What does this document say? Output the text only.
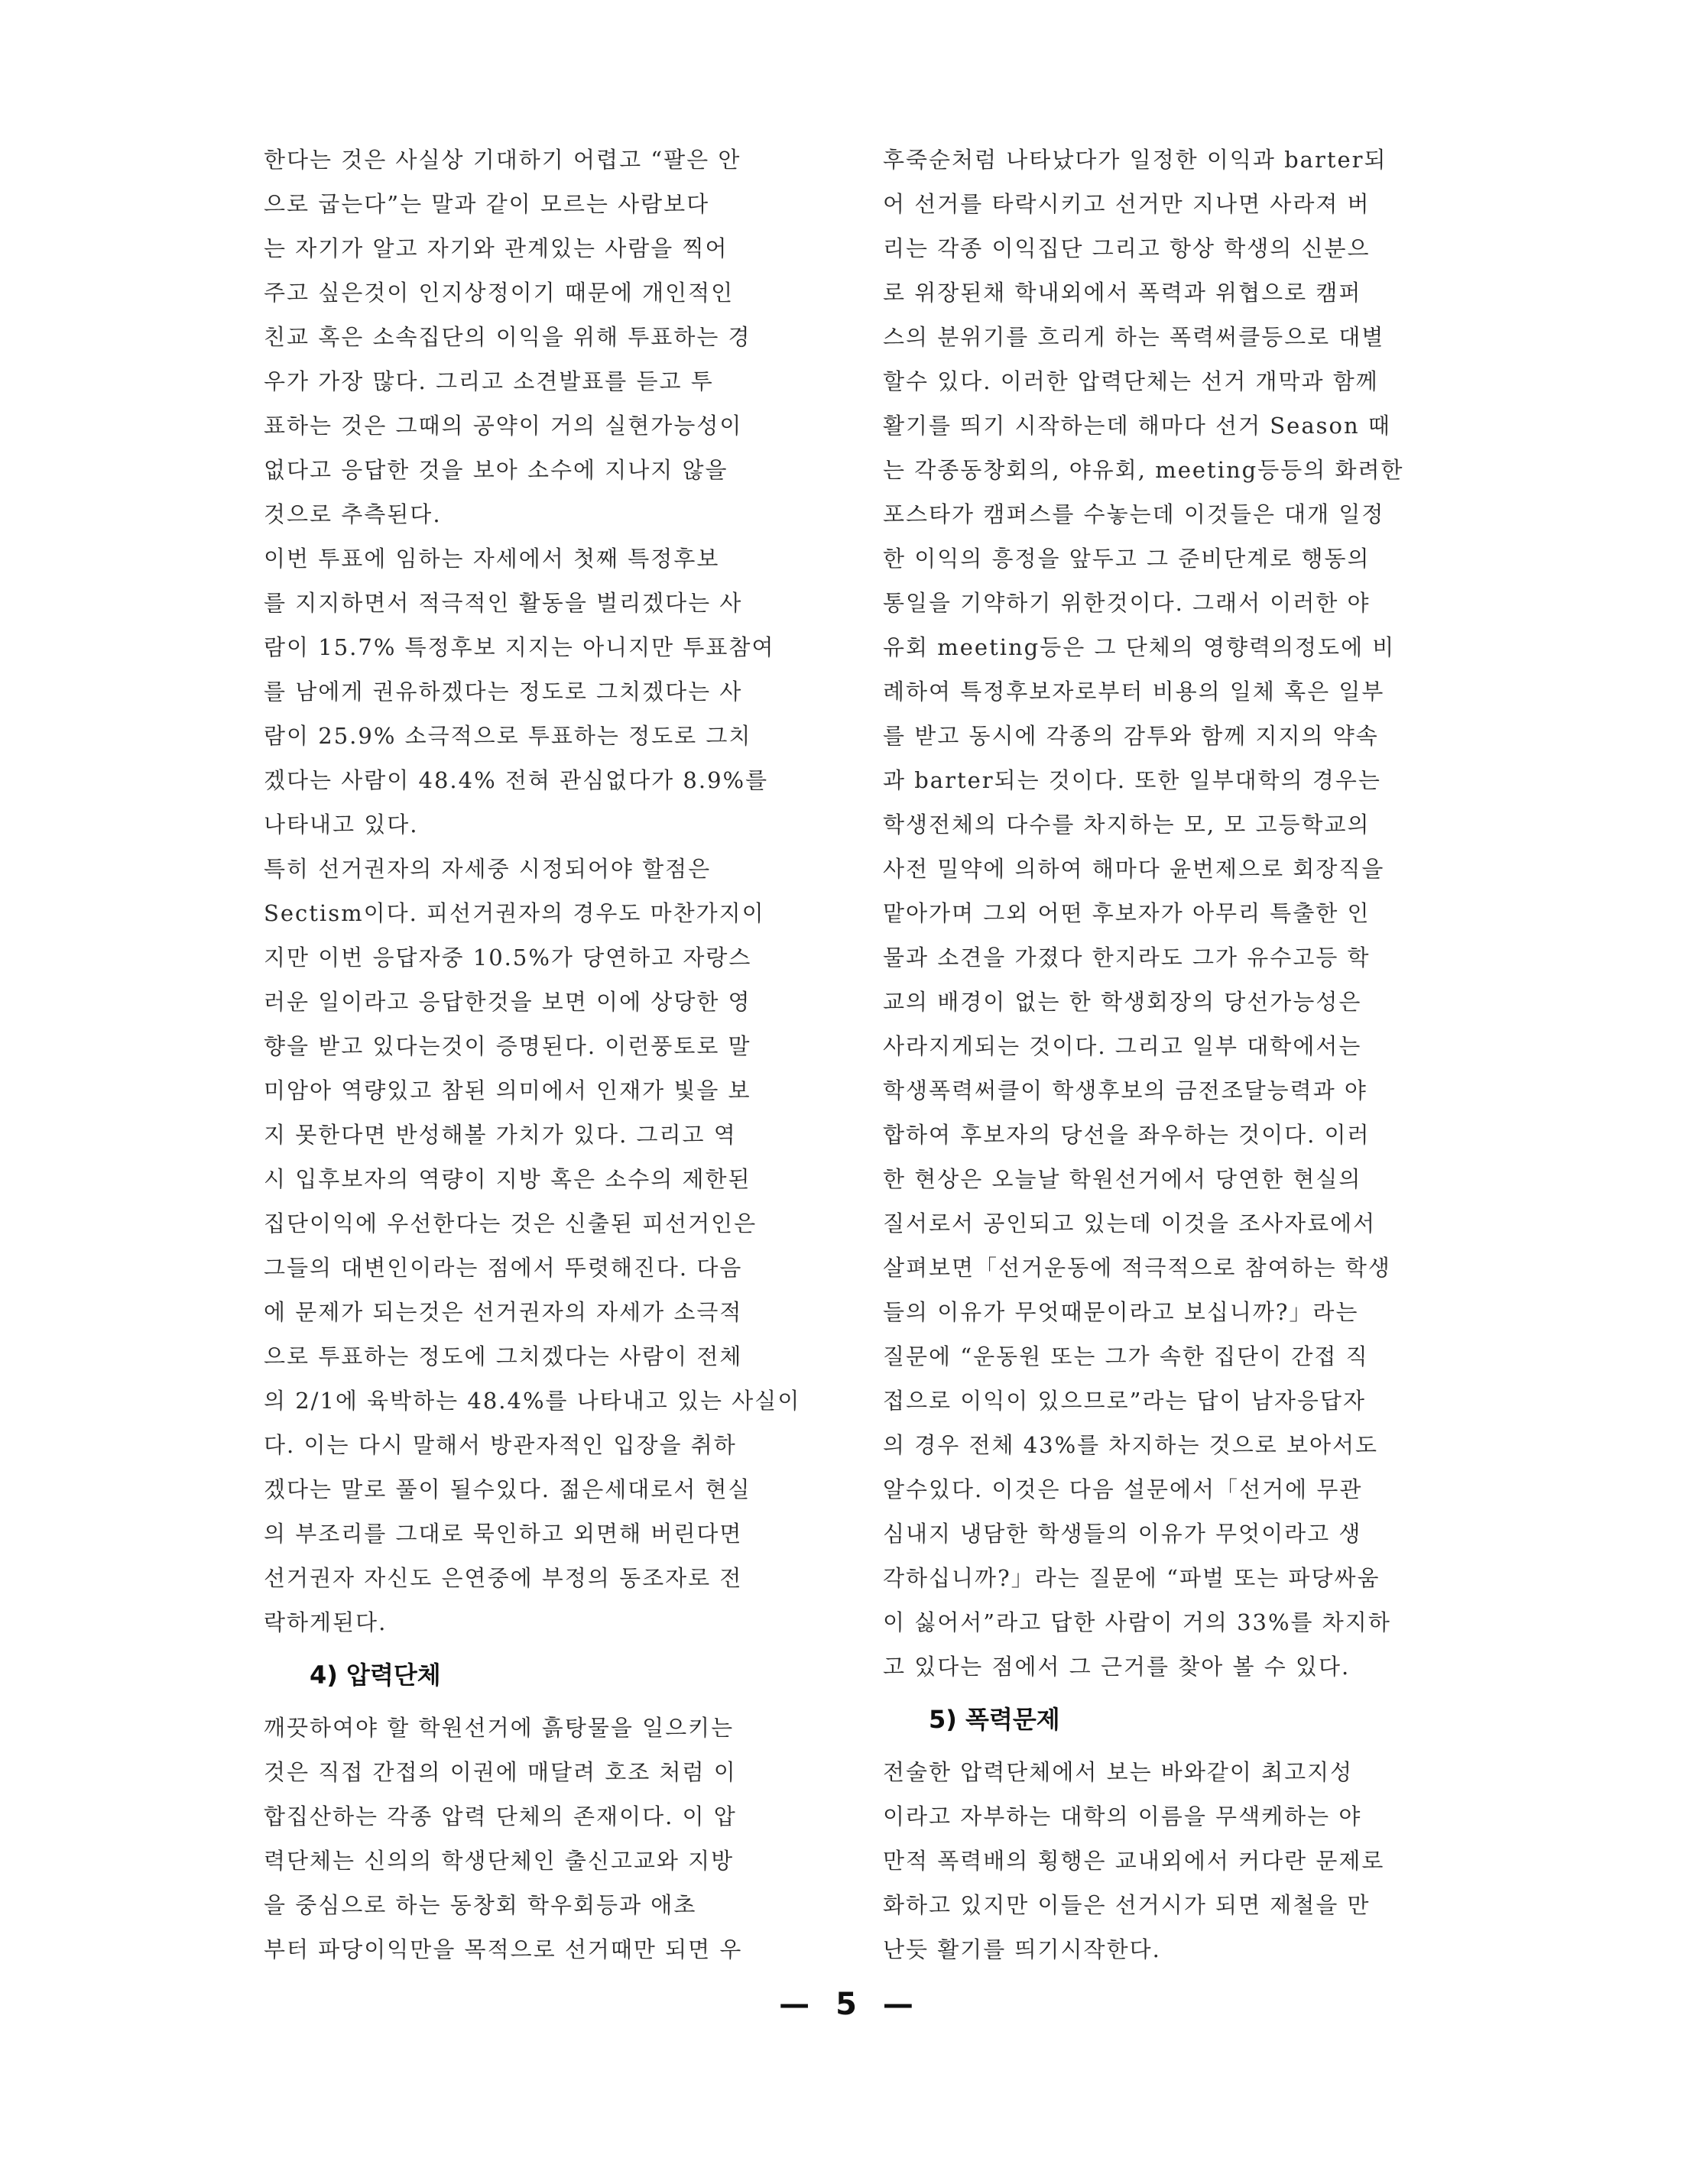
한다는 것은 사실상 기대하기 어렵고 “팔은 안
으로 굽는다”는 말과 같이 모르는 사람보다
는 자기가 알고 자기와 관계있는 사람을 찍어
주고 싶은것이 인지상정이기 때문에 개인적인
친교 혹은 소속집단의 이익을 위해 투표하는 경
우가 가장 많다. 그리고 소견발표를 듣고 투
표하는 것은 그때의 공약이 거의 실현가능성이
없다고 응답한 것을 보아 소수에 지나지 않을
것으로 추측된다.
이번 투표에 임하는 자세에서 첫째 특정후보
를 지지하면서 적극적인 활동을 벌리겠다는 사
람이 15.7% 특정후보 지지는 아니지만 투표참여
를 남에게 권유하겠다는 정도로 그치겠다는 사
람이 25.9% 소극적으로 투표하는 정도로 그치
겠다는 사람이 48.4% 전혀 관심없다가 8.9%를
나타내고 있다.
특히 선거권자의 자세중 시정되어야 할점은
Sectism이다. 피선거권자의 경우도 마찬가지이
지만 이번 응답자중 10.5%가 당연하고 자랑스
러운 일이라고 응답한것을 보면 이에 상당한 영
향을 받고 있다는것이 증명된다. 이런풍토로 말
미암아 역량있고 참된 의미에서 인재가 빛을 보
지 못한다면 반성해볼 가치가 있다. 그리고 역
시 입후보자의 역량이 지방 혹은 소수의 제한된
집단이익에 우선한다는 것은 신출된 피선거인은
그들의 대변인이라는 점에서 뚜렷해진다. 다음
에 문제가 되는것은 선거권자의 자세가 소극적
으로 투표하는 정도에 그치겠다는 사람이 전체
의 2/1에 육박하는 48.4%를 나타내고 있는 사실이
다. 이는 다시 말해서 방관자적인 입장을 취하
겠다는 말로 풀이 될수있다. 젊은세대로서 현실
의 부조리를 그대로 묵인하고 외면해 버린다면
선거권자 자신도 은연중에 부정의 동조자로 전
락하게된다.
4) 압력단체
깨끗하여야 할 학원선거에 흙탕물을 일으키는
것은 직접 간접의 이권에 매달려 호조 처럼 이
합집산하는 각종 압력 단체의 존재이다. 이 압
력단체는 신의의 학생단체인 출신고교와 지방
을 중심으로 하는 동창회 학우회등과 애초
부터 파당이익만을 목적으로 선거때만 되면 우
후죽순처럼 나타났다가 일정한 이익과 barter되
어 선거를 타락시키고 선거만 지나면 사라져 버
리는 각종 이익집단 그리고 항상 학생의 신분으
로 위장된채 학내외에서 폭력과 위협으로 캠퍼
스의 분위기를 흐리게 하는 폭력써클등으로 대별
할수 있다. 이러한 압력단체는 선거 개막과 함께
활기를 띄기 시작하는데 해마다 선거 Season 때
는 각종동창회의, 야유회, meeting등등의 화려한
포스타가 캠퍼스를 수놓는데 이것들은 대개 일정
한 이익의 흥정을 앞두고 그 준비단계로 행동의
통일을 기약하기 위한것이다. 그래서 이러한 야
유회 meeting등은 그 단체의 영향력의정도에 비
례하여 특정후보자로부터 비용의 일체 혹은 일부
를 받고 동시에 각종의 감투와 함께 지지의 약속
과 barter되는 것이다. 또한 일부대학의 경우는
학생전체의 다수를 차지하는 모, 모 고등학교의
사전 밀약에 의하여 해마다 윤번제으로 회장직을
맡아가며 그외 어떤 후보자가 아무리 특출한 인
물과 소견을 가졌다 한지라도 그가 유수고등 학
교의 배경이 없는 한 학생회장의 당선가능성은
사라지게되는 것이다. 그리고 일부 대학에서는
학생폭력써클이 학생후보의 금전조달능력과 야
합하여 후보자의 당선을 좌우하는 것이다. 이러
한 현상은 오늘날 학원선거에서 당연한 현실의
질서로서 공인되고 있는데 이것을 조사자료에서
살펴보면「선거운동에 적극적으로 참여하는 학생
들의 이유가 무엇때문이라고 보십니까?」라는
질문에 “운동원 또는 그가 속한 집단이 간접 직
접으로 이익이 있으므로”라는 답이 남자응답자
의 경우 전체 43%를 차지하는 것으로 보아서도
알수있다. 이것은 다음 설문에서「선거에 무관
심내지 냉담한 학생들의 이유가 무엇이라고 생
각하십니까?」라는 질문에 “파벌 또는 파당싸움
이 싫어서”라고 답한 사람이 거의 33%를 차지하
고 있다는 점에서 그 근거를 찾아 볼 수 있다.
5) 폭력문제
전술한 압력단체에서 보는 바와같이 최고지성
이라고 자부하는 대학의 이름을 무색케하는 야
만적 폭력배의 횡행은 교내외에서 커다란 문제로
화하고 있지만 이들은 선거시가 되면 제철을 만
난듯 활기를 띄기시작한다.
— 5 —
